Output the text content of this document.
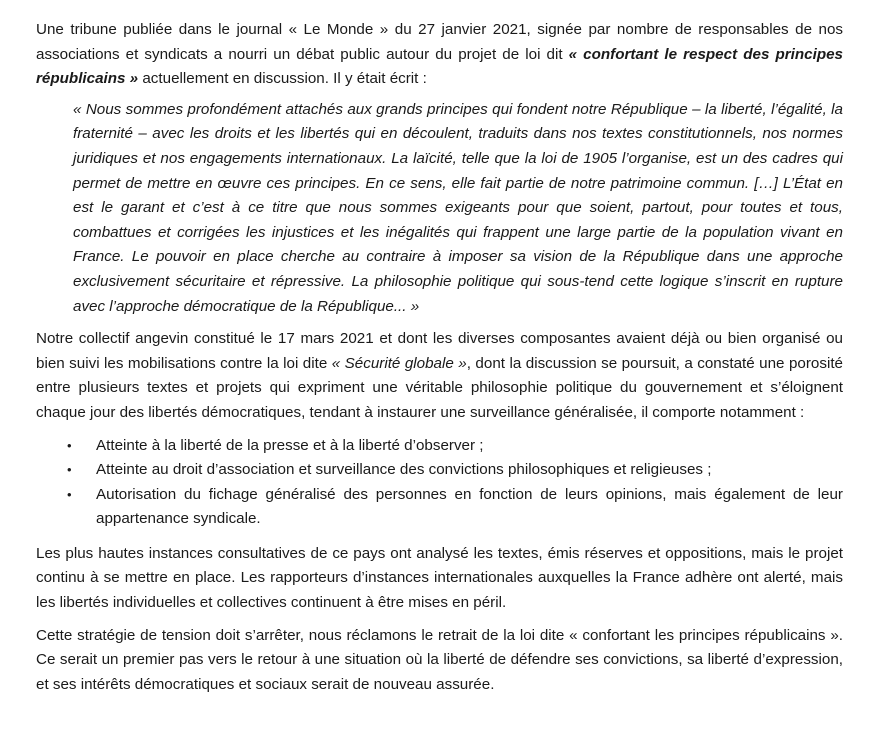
Une tribune publiée dans le journal « Le Monde » du 27 janvier 2021, signée par nombre de responsables de nos associations et syndicats a nourri un débat public autour du projet de loi dit « confortant le respect des principes républicains » actuellement en discussion. Il y était écrit :

« Nous sommes profondément attachés aux grands principes qui fondent notre République – la liberté, l’égalité, la fraternité – avec les droits et les libertés qui en découlent, traduits dans nos textes constitutionnels, nos normes juridiques et nos engagements internationaux. La laïcité, telle que la loi de 1905 l’organise, est un des cadres qui permet de mettre en œuvre ces principes. En ce sens, elle fait partie de notre patrimoine commun. […] L’État en est le garant et c’est à ce titre que nous sommes exigeants pour que soient, partout, pour toutes et tous, combattues et corrigées les injustices et les inégalités qui frappent une large partie de la population vivant en France. Le pouvoir en place cherche au contraire à imposer sa vision de la République dans une approche exclusivement sécuritaire et répressive. La philosophie politique qui sous-tend cette logique s’inscrit en rupture avec l’approche démocratique de la République... »

Notre collectif angevin constitué le 17 mars 2021 et dont les diverses composantes avaient déjà ou bien organisé ou bien suivi les mobilisations contre la loi dite « Sécurité globale », dont la discussion se poursuit, a constaté une porosité entre plusieurs textes et projets qui expriment une véritable philosophie politique du gouvernement et s’éloignent chaque jour des libertés démocratiques, tendant à instaurer une surveillance généralisée, il comporte notamment :

• Atteinte à la liberté de la presse et à la liberté d’observer ;
• Atteinte au droit d’association et surveillance des convictions philosophiques et religieuses ;
• Autorisation du fichage généralisé des personnes en fonction de leurs opinions, mais également de leur appartenance syndicale.

Les plus hautes instances consultatives de ce pays ont analysé les textes, émis réserves et oppositions, mais le projet continu à se mettre en place. Les rapporteurs d’instances internationales auxquelles la France adhère ont alerté, mais les libertés individuelles et collectives continuent à être mises en péril.

Cette stratégie de tension doit s’arrêter, nous réclamons le retrait de la loi dite « confortant les principes républicains ». Ce serait un premier pas vers le retour à une situation où la liberté de défendre ses convictions, sa liberté d’expression, et ses intérêts démocratiques et sociaux serait de nouveau assurée.
